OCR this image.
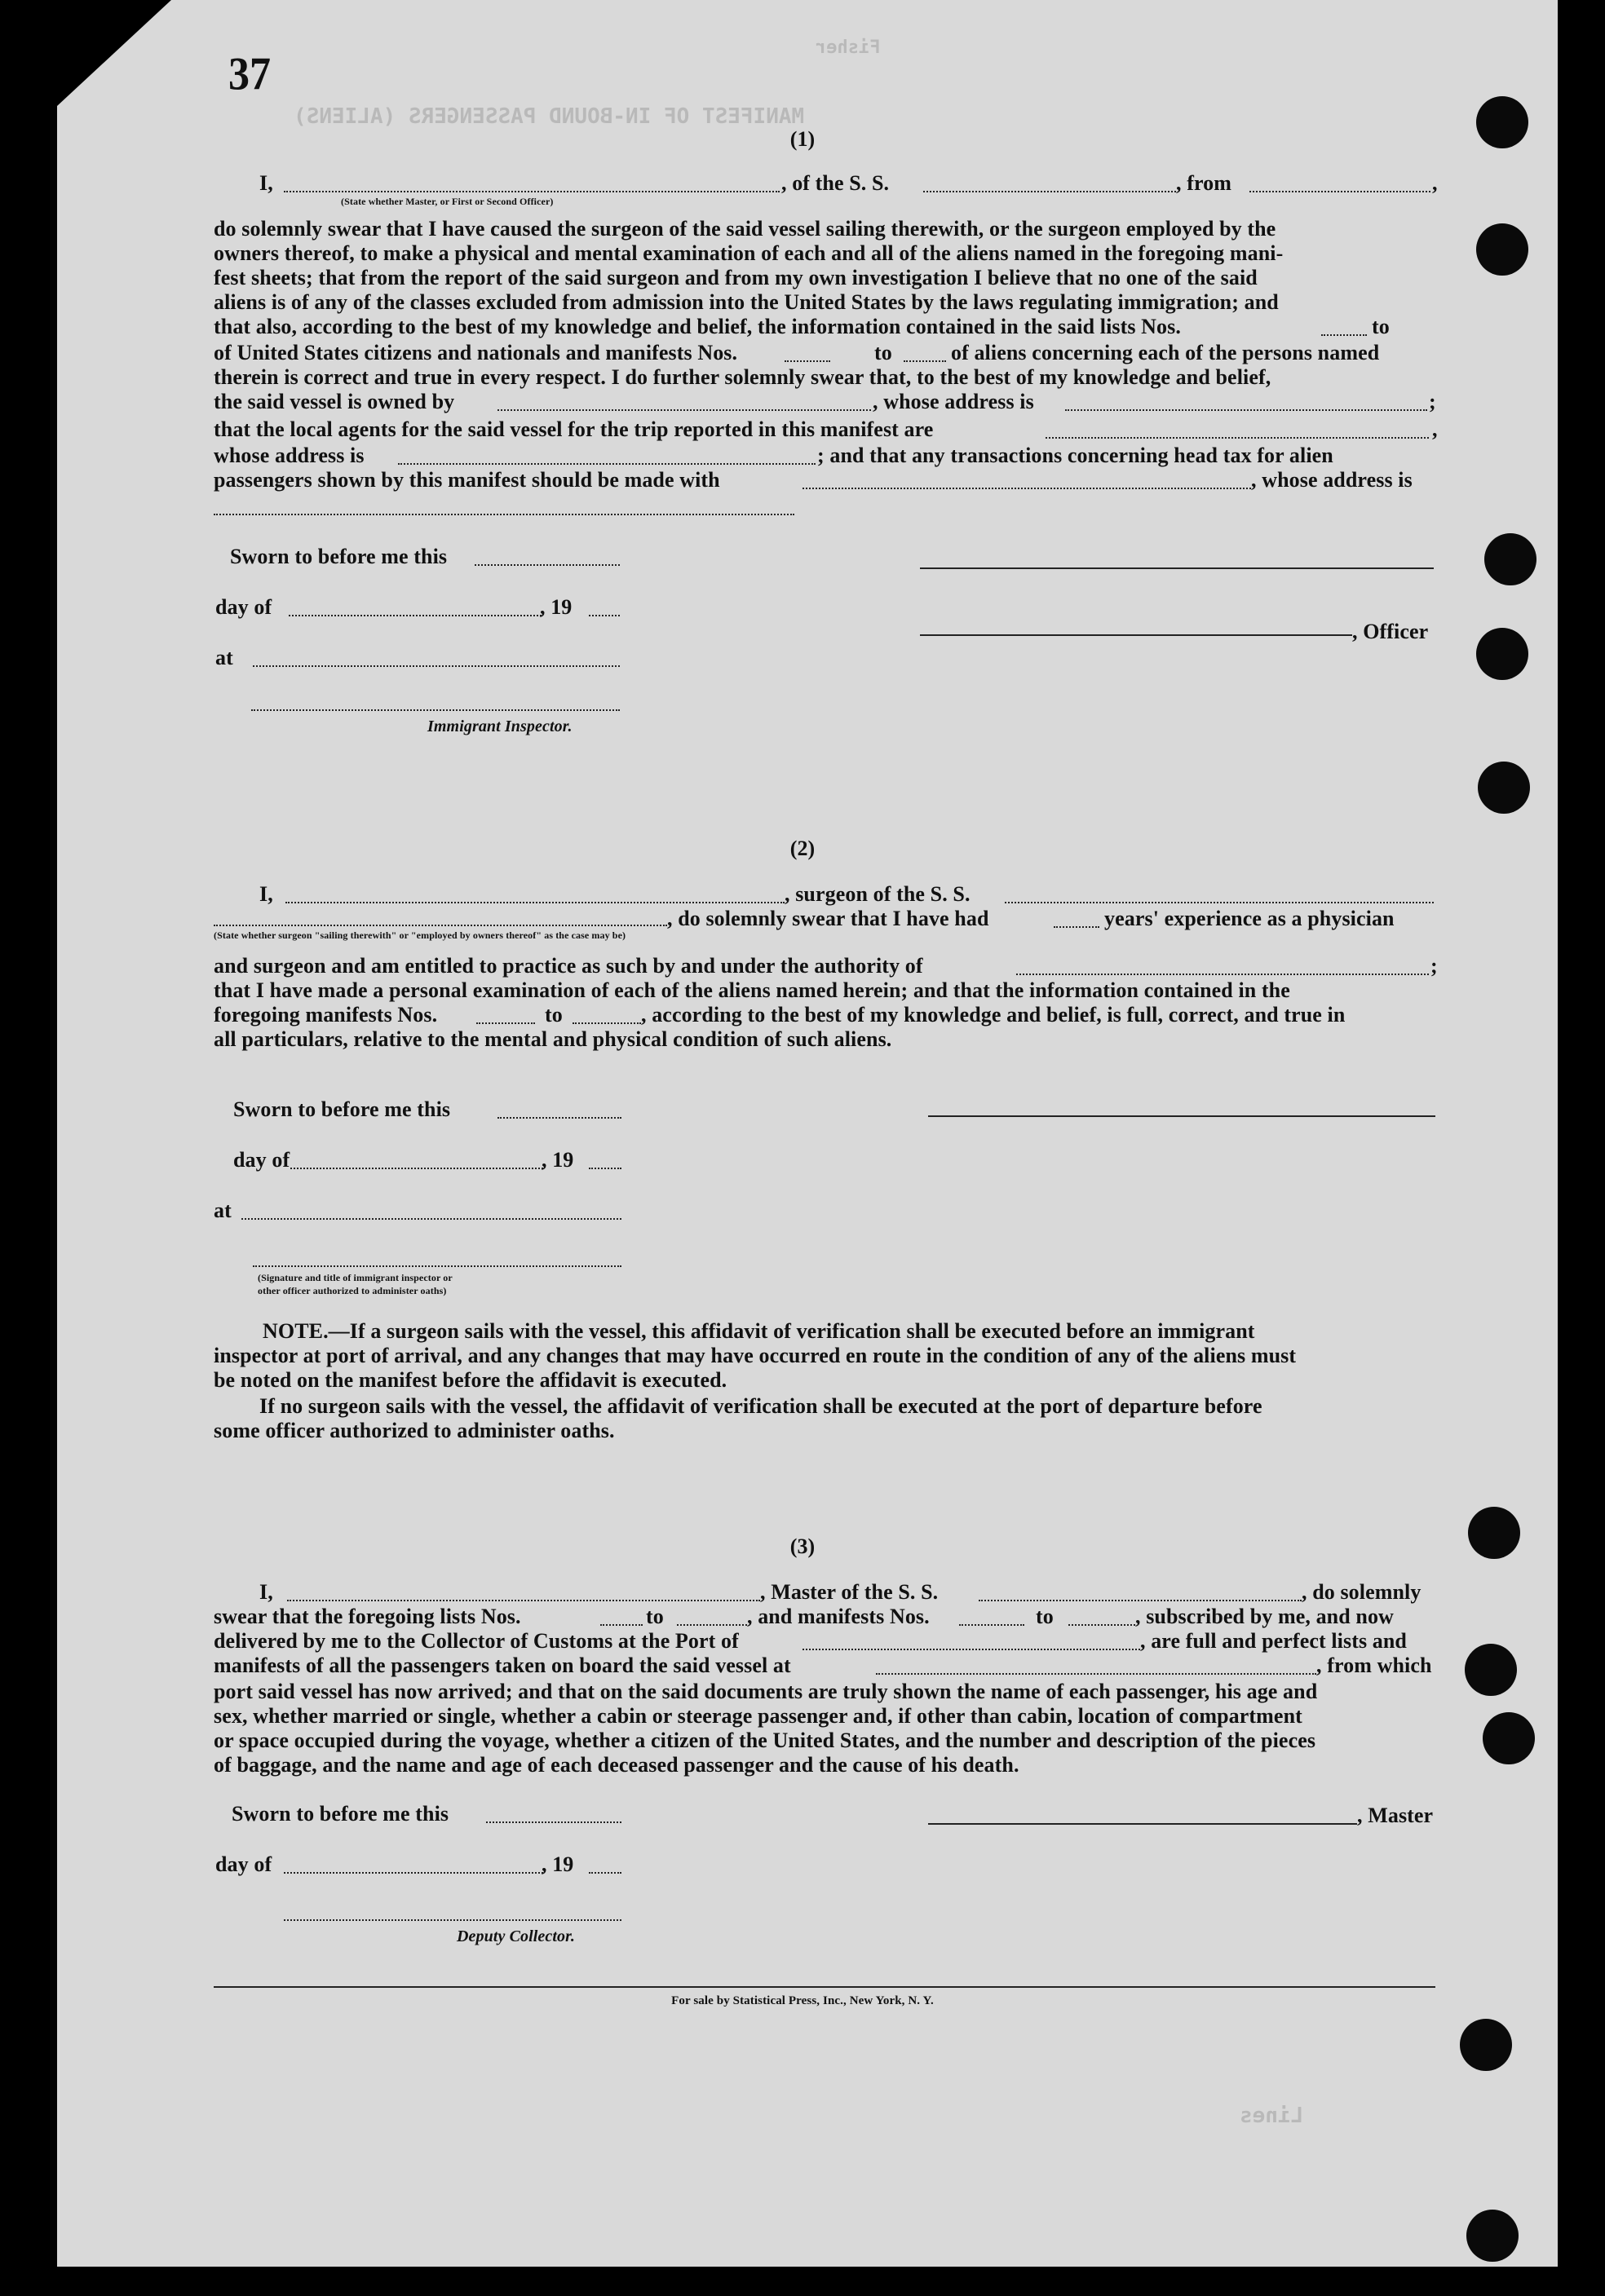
MANIFEST OF IN-BOUND PASSENGERS (ALIENS)
Lines
Fisher
37
(1)
I,	, of the S. S.	, from	,
(State whether Master, or First or Second Officer)
do solemnly swear that I have caused the surgeon of the said vessel sailing therewith, or the surgeon employed by the
owners thereof, to make a physical and mental examination of each and all of the aliens named in the foregoing mani-
fest sheets; that from the report of the said surgeon and from my own investigation I believe that no one of the said
aliens is of any of the classes excluded from admission into the United States by the laws regulating immigration; and
that also, according to the best of my knowledge and belief, the information contained in the said lists Nos.	to
of United States citizens and nationals and manifests Nos.	to	of aliens concerning each of the persons named
therein is correct and true in every respect. I do further solemnly swear that, to the best of my knowledge and belief,
the said vessel is owned by	, whose address is	;
that the local agents for the said vessel for the trip reported in this manifest are	,
whose address is	; and that any transactions concerning head tax for alien
passengers shown by this manifest should be made with	, whose address is
Sworn to before me this
day of	, 19
at
Immigrant Inspector.
, Officer
(2)
I,	, surgeon of the S. S.
, do solemnly swear that I have had	years' experience as a physician
(State whether surgeon "sailing therewith" or "employed by owners thereof" as the case may be)
and surgeon and am entitled to practice as such by and under the authority of	;
that I have made a personal examination of each of the aliens named herein; and that the information contained in the
foregoing manifests Nos.	to	, according to the best of my knowledge and belief, is full, correct, and true in
all particulars, relative to the mental and physical condition of such aliens.
Sworn to before me this
day of	, 19
at
(Signature and title of immigrant inspector or
other officer authorized to administer oaths)
NOTE.—If a surgeon sails with the vessel, this affidavit of verification shall be executed before an immigrant
inspector at port of arrival, and any changes that may have occurred en route in the condition of any of the aliens must
be noted on the manifest before the affidavit is executed.
If no surgeon sails with the vessel, the affidavit of verification shall be executed at the port of departure before
some officer authorized to administer oaths.
(3)
I,	, Master of the S. S.	, do solemnly
swear that the foregoing lists Nos.	to	, and manifests Nos.	to	, subscribed by me, and now
delivered by me to the Collector of Customs at the Port of	, are full and perfect lists and
manifests of all the passengers taken on board the said vessel at	, from which
port said vessel has now arrived; and that on the said documents are truly shown the name of each passenger, his age and
sex, whether married or single, whether a cabin or steerage passenger and, if other than cabin, location of compartment
or space occupied during the voyage, whether a citizen of the United States, and the number and description of the pieces
of baggage, and the name and age of each deceased passenger and the cause of his death.
Sworn to before me this
day of	, 19
Deputy Collector.
, Master
For sale by Statistical Press, Inc., New York, N. Y.
